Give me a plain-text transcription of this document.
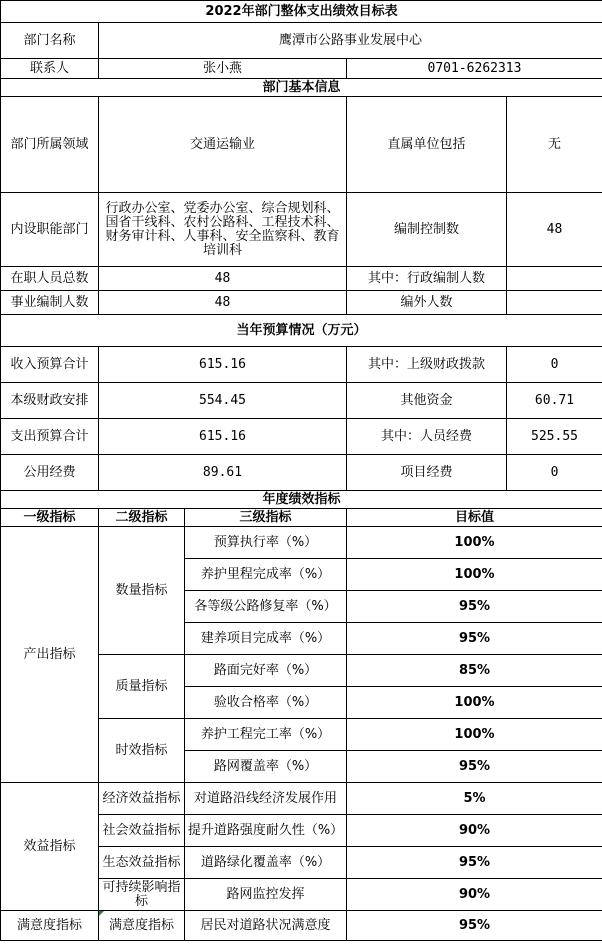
2022年部门整体支出绩效目标表				
部门名称	鹰潭市公路事业发展中心			
联系人	张小燕		0701-6262313	
部门基本信息				
部门所属领域	交通运输业		直属单位包括	无
内设职能部门	行政办公室、党委办公室、综合规划科、国省干线科、农村公路科、工程技术科、财务审计科、人事科、安全监察科、教育培训科		编制控制数	48
在职人员总数	48		其中：行政编制人数	
事业编制人数	48		编外人数	
当年预算情况（万元）				
收入预算合计	615.16		其中：上级财政拨款	0
本级财政安排	554.45		其他资金	60.71
支出预算合计	615.16		其中：人员经费	525.55
公用经费	89.61		项目经费	0
年度绩效指标				
一级指标	二级指标	三级指标	目标值	
产出指标	数量指标	预算执行率（%）	100%	
		养护里程完成率（%）	100%	
		各等级公路修复率（%）	95%	
		建养项目完成率（%）	95%	
	质量指标	路面完好率（%）	85%	
		验收合格率（%）	100%	
	时效指标	养护工程完工率（%）	100%	
		路网覆盖率（%）	95%	
效益指标	经济效益指标	对道路沿线经济发展作用	5%	
	社会效益指标	提升道路强度耐久性（%）	90%	
	生态效益指标	道路绿化覆盖率（%）	95%	
	可持续影响指标	路网监控发挥	90%	
满意度指标	满意度指标	居民对道路状况满意度	95%	
